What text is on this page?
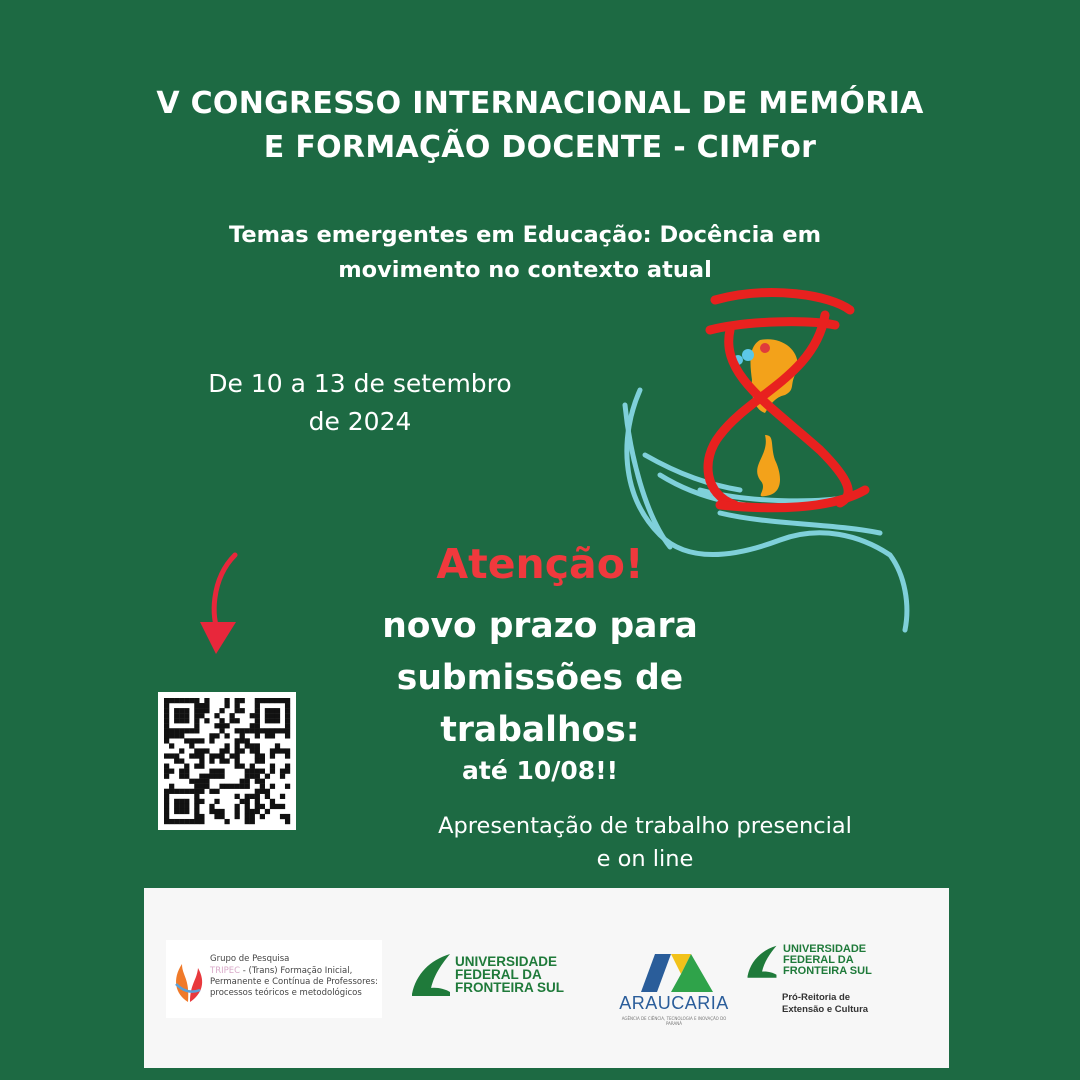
V CONGRESSO INTERNACIONAL DE MEMÓRIA
E FORMAÇÃO DOCENTE - CIMFor
Temas emergentes em Educação: Docência em
movimento no contexto atual
De 10 a 13 de setembro
de 2024
Atenção!
novo prazo para
submissões de
trabalhos:
até 10/08!!
Apresentação de trabalho presencial
e on line
Grupo de Pesquisa
TRIPEC - (Trans) Formação Inicial, Permanente e Contínua de Professores: processos teóricos e metodológicos
UNIVERSIDADE
FEDERAL DA
FRONTEIRA SUL
ARAUCARIA
AGÊNCIA DE CIÊNCIA, TECNOLOGIA E INOVAÇÃO DO PARANÁ
UNIVERSIDADE
FEDERAL DA
FRONTEIRA SUL
Pró-Reitoria de
Extensão e Cultura
